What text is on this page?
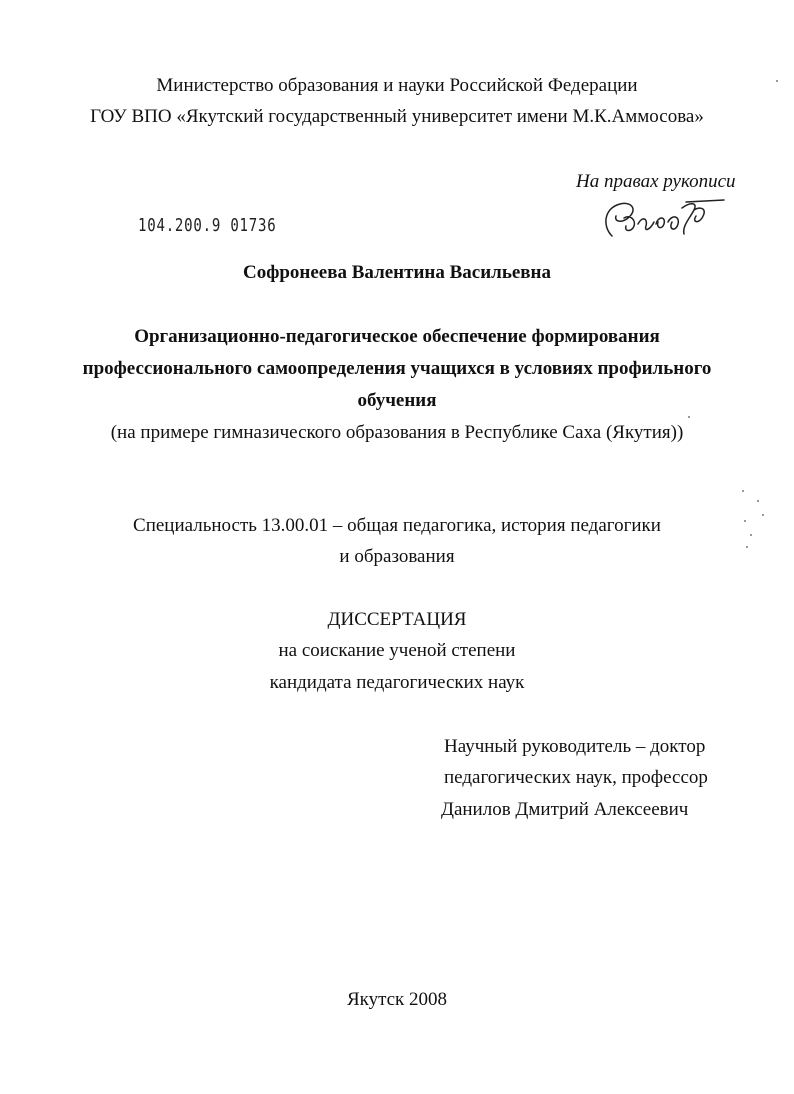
Министерство образования и науки Российской Федерации
ГОУ ВПО «Якутский государственный университет имени М.К.Аммосова»
На правах рукописи
104.200.9 01736
Софронеева Валентина Васильевна
Организационно-педагогическое обеспечение формирования
профессионального самоопределения учащихся в условиях профильного
обучения
(на примере гимназического образования в Республике Саха (Якутия))
Специальность 13.00.01 – общая педагогика, история педагогики
и образования
ДИССЕРТАЦИЯ
на соискание ученой степени
кандидата педагогических наук
Научный руководитель – доктор
педагогических наук, профессор
Данилов Дмитрий Алексеевич
Якутск 2008
